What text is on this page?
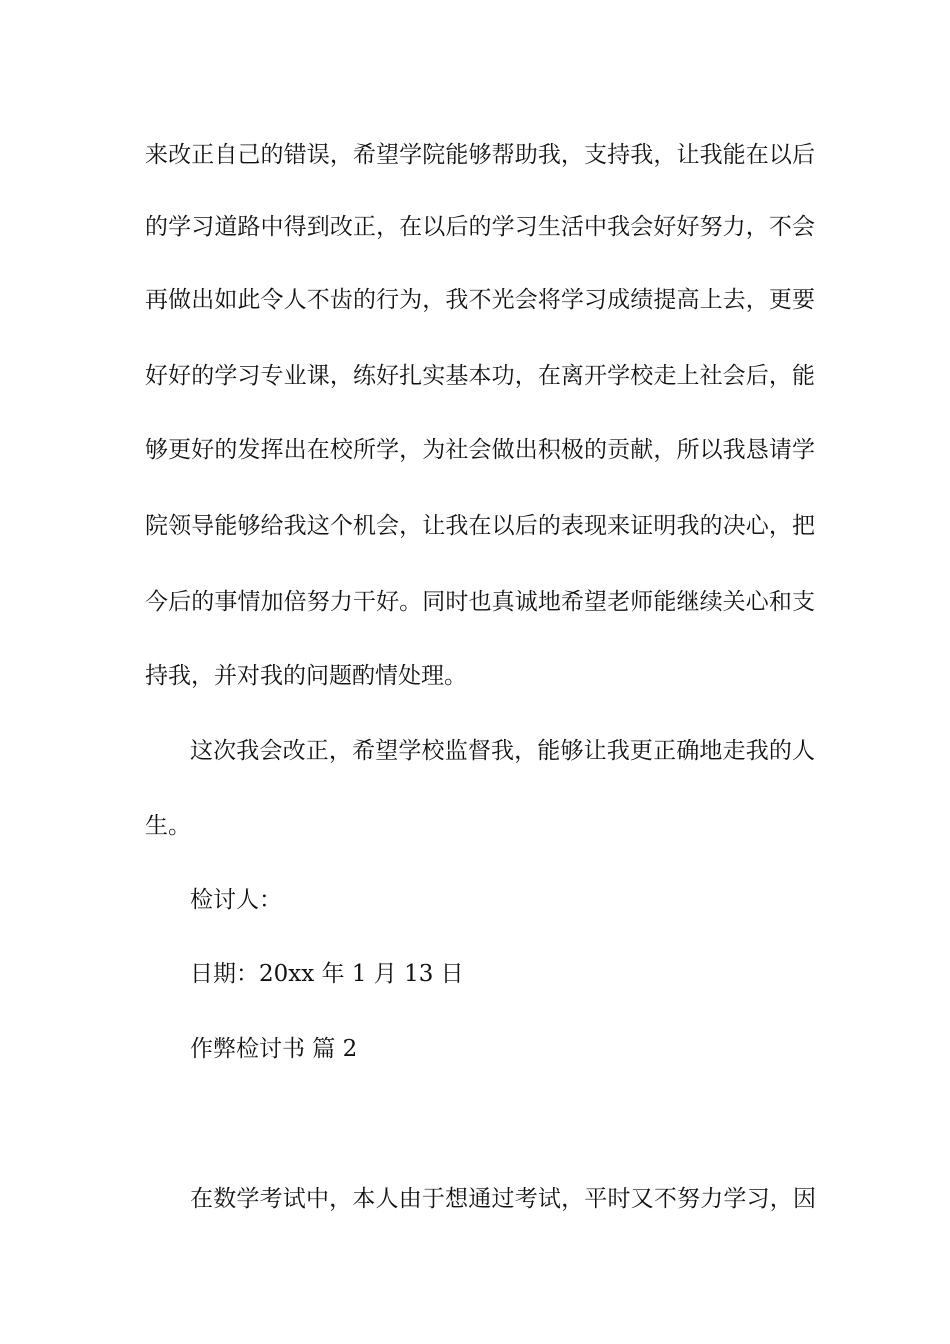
来改正自己的错误，希望学院能够帮助我，支持我，让我能在以后
的学习道路中得到改正，在以后的学习生活中我会好好努力，不会
再做出如此令人不齿的行为，我不光会将学习成绩提高上去，更要
好好的学习专业课，练好扎实基本功，在离开学校走上社会后，能
够更好的发挥出在校所学，为社会做出积极的贡献，所以我恳请学
院领导能够给我这个机会，让我在以后的表现来证明我的决心，把
今后的事情加倍努力干好。同时也真诚地希望老师能继续关心和支
持我，并对我的问题酌情处理。
这次我会改正，希望学校监督我，能够让我更正确地走我的人
生。
检讨人：
日期：20xx 年 1 月 13 日
作弊检讨书 篇 2
在数学考试中，本人由于想通过考试，平时又不努力学习，因
